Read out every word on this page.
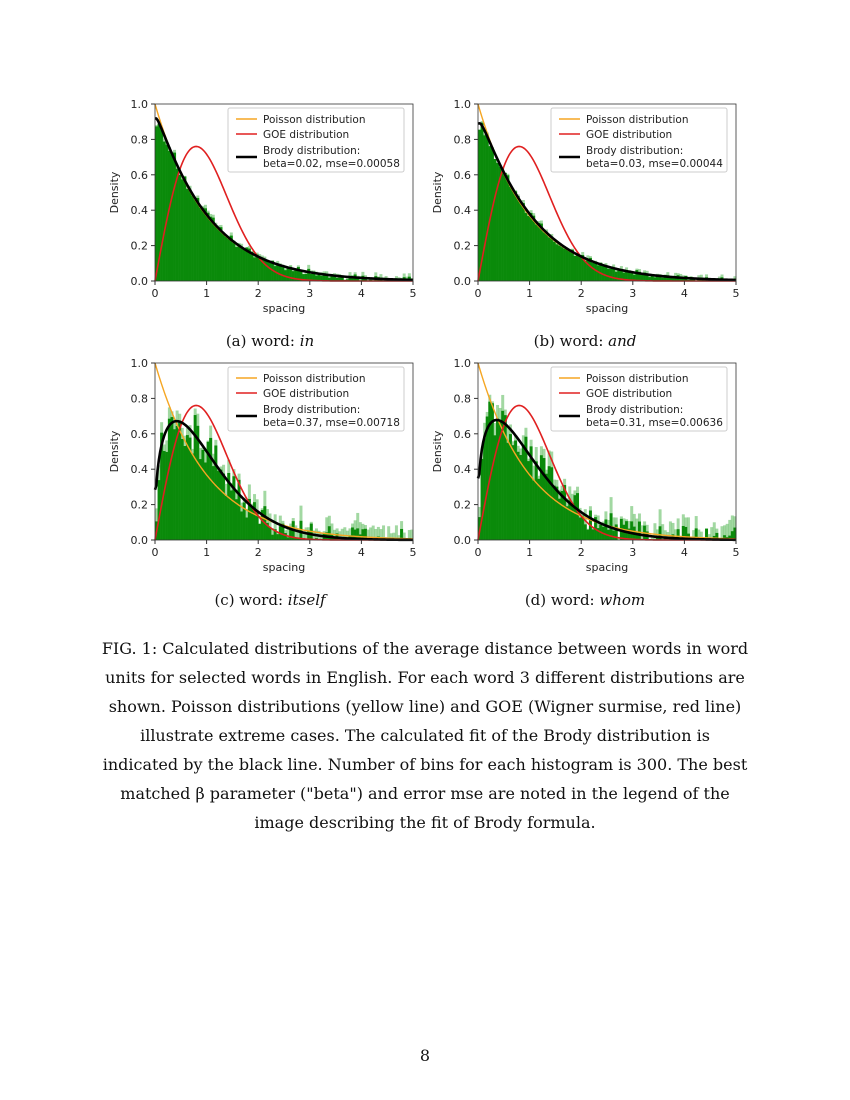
0	1	2	3	4	5
0.0
0.2
0.4
0.6
0.8
1.0
spacing
Density
Poisson distribution
GOE distribution
Brody distribution:
beta=0.02, mse=0.00058
(a) word: in
0	1	2	3	4	5
0.0
0.2
0.4
0.6
0.8
1.0
spacing
Density
Poisson distribution
GOE distribution
Brody distribution:
beta=0.03, mse=0.00044
(b) word: and
0	1	2	3	4	5
0.0
0.2
0.4
0.6
0.8
1.0
spacing
Density
Poisson distribution
GOE distribution
Brody distribution:
beta=0.37, mse=0.00718
(c) word: itself
0	1	2	3	4	5
0.0
0.2
0.4
0.6
0.8
1.0
spacing
Density
Poisson distribution
GOE distribution
Brody distribution:
beta=0.31, mse=0.00636
(d) word: whom
FIG. 1: Calculated distributions of the average distance between words in word units for selected words in English. For each word 3 different distributions are shown. Poisson distributions (yellow line) and GOE (Wigner surmise, red line) illustrate extreme cases. The calculated fit of the Brody distribution is indicated by the black line. Number of bins for each histogram is 300. The best matched β parameter ("beta") and error mse are noted in the legend of the image describing the fit of Brody formula.
8
